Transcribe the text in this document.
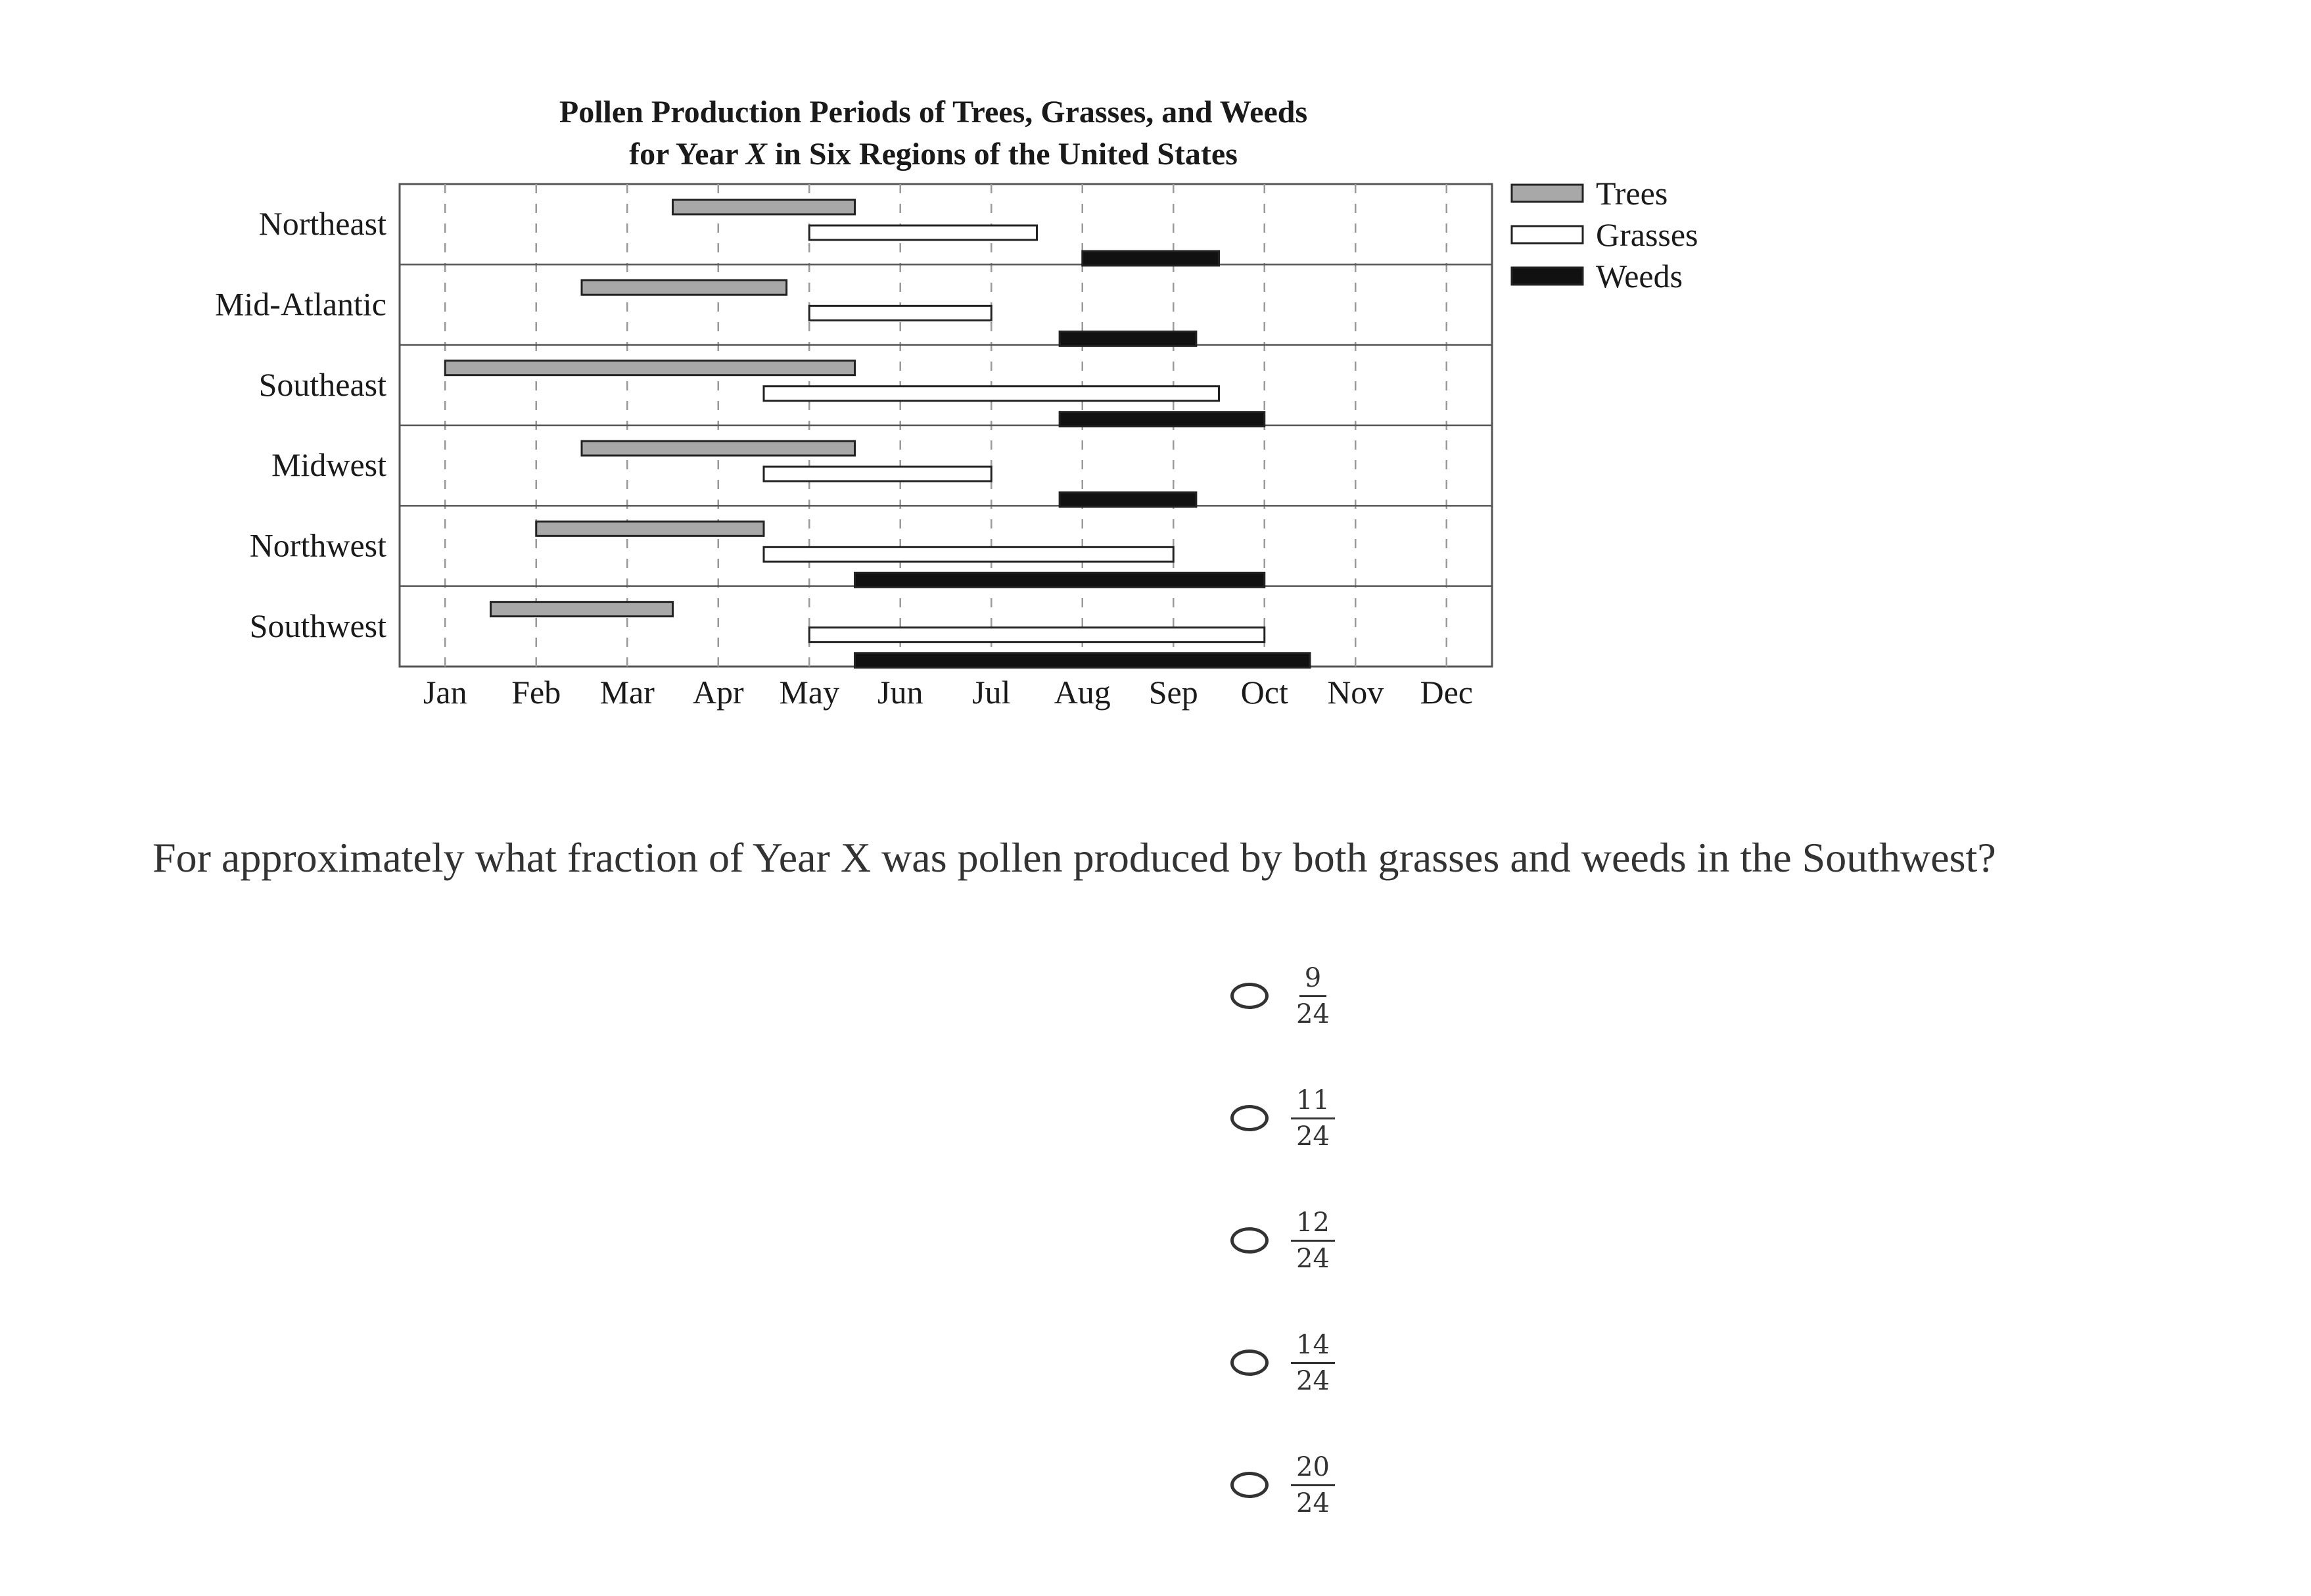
Pollen Production Periods of Trees, Grasses, and Weeds
for Year X in Six Regions of the United States
Northeast
Mid-Atlantic
Southeast
Midwest
Northwest
Southwest
Jan Feb Mar Apr May Jun Jul Aug Sep Oct Nov Dec
Trees
Grasses
Weeds

For approximately what fraction of Year X was pollen produced by both grasses and weeds in the Southwest?

$\frac{9}{24}$
$\frac{11}{24}$
$\frac{12}{24}$
$\frac{14}{24}$
$\frac{20}{24}$
